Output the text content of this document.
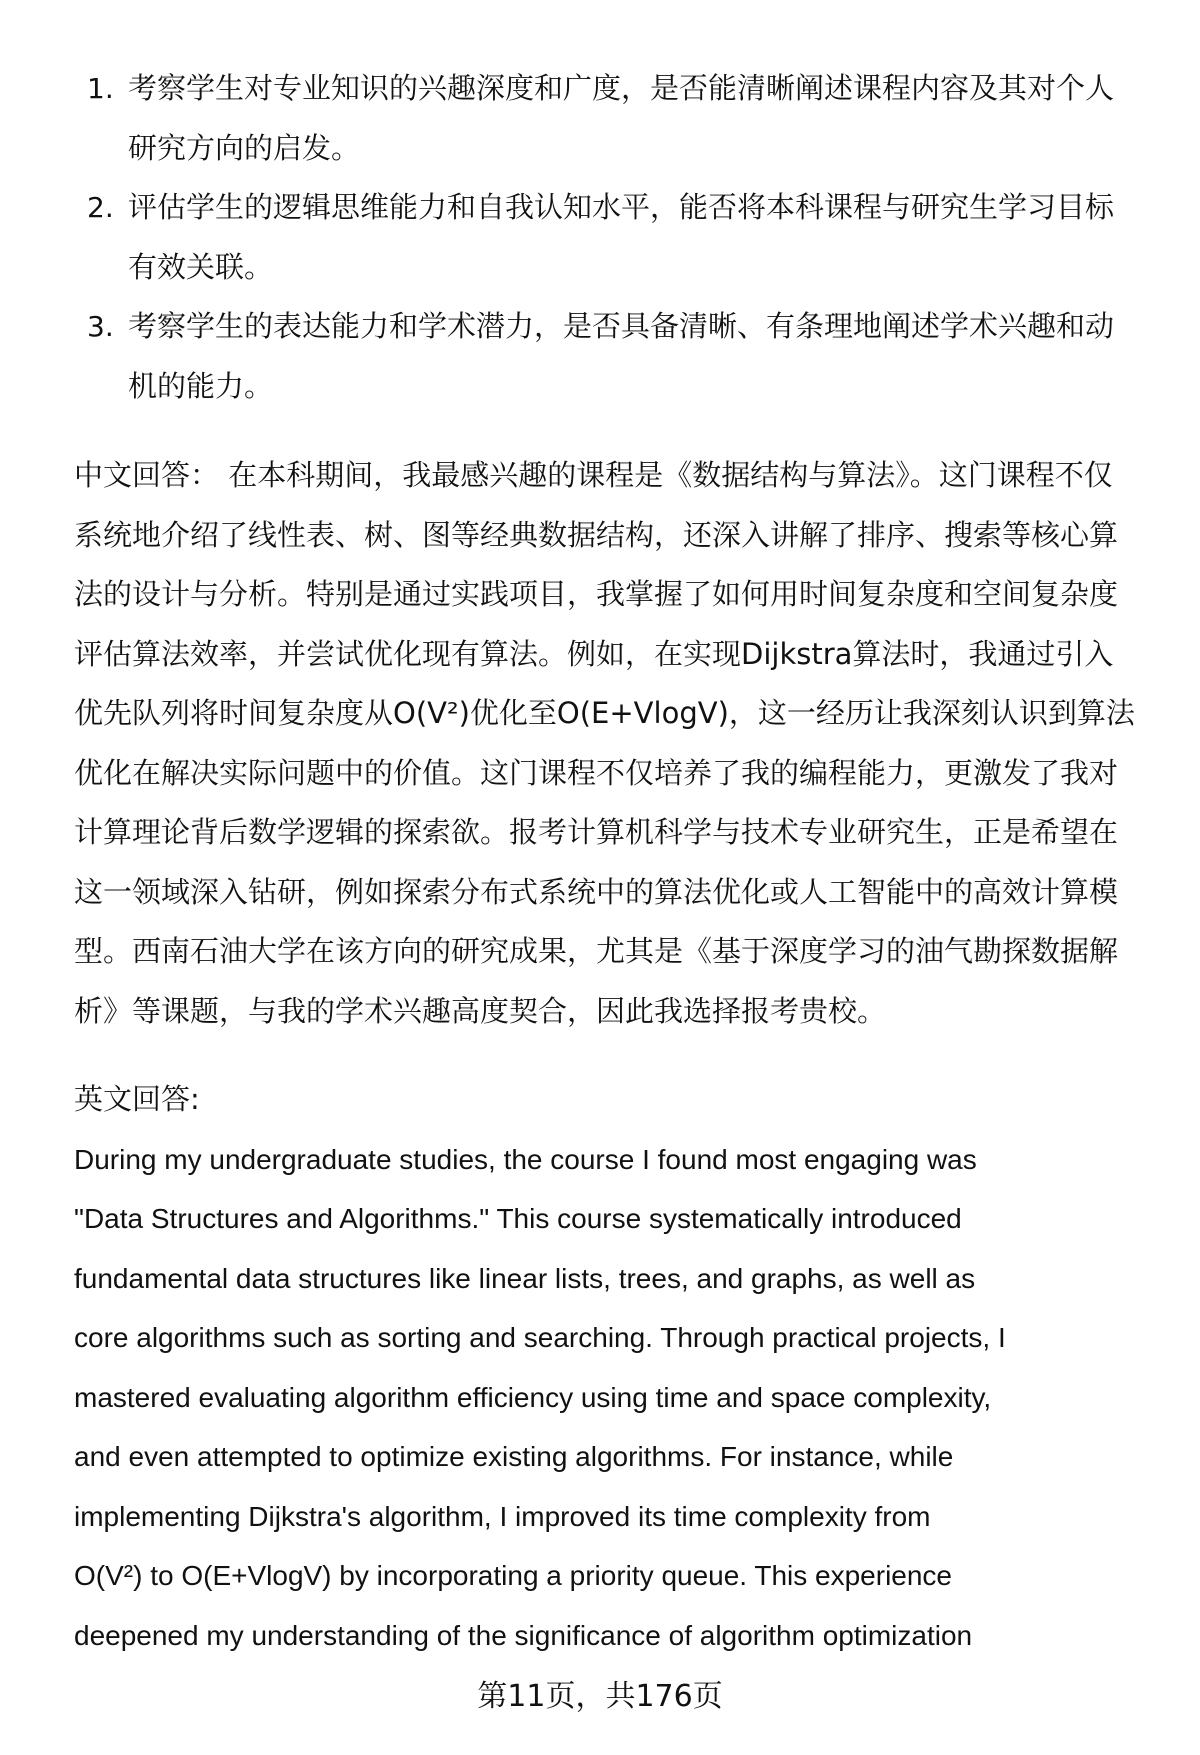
1. 考察学生对专业知识的兴趣深度和广度，是否能清晰阐述课程内容及其对个人
研究方向的启发。
2. 评估学生的逻辑思维能力和自我认知水平，能否将本科课程与研究生学习目标
有效关联。
3. 考察学生的表达能力和学术潜力，是否具备清晰、有条理地阐述学术兴趣和动
机的能力。
中文回答： 在本科期间，我最感兴趣的课程是《数据结构与算法》。这门课程不仅
系统地介绍了线性表、树、图等经典数据结构，还深入讲解了排序、搜索等核心算
法的设计与分析。特别是通过实践项目，我掌握了如何用时间复杂度和空间复杂度
评估算法效率，并尝试优化现有算法。例如，在实现Dijkstra算法时，我通过引入
优先队列将时间复杂度从O(V²)优化至O(E+VlogV)，这一经历让我深刻认识到算法
优化在解决实际问题中的价值。这门课程不仅培养了我的编程能力，更激发了我对
计算理论背后数学逻辑的探索欲。报考计算机科学与技术专业研究生，正是希望在
这一领域深入钻研，例如探索分布式系统中的算法优化或人工智能中的高效计算模
型。西南石油大学在该方向的研究成果，尤其是《基于深度学习的油气勘探数据解
析》等课题，与我的学术兴趣高度契合，因此我选择报考贵校。
英文回答:
During my undergraduate studies, the course I found most engaging was
"Data Structures and Algorithms." This course systematically introduced
fundamental data structures like linear lists, trees, and graphs, as well as
core algorithms such as sorting and searching. Through practical projects, I
mastered evaluating algorithm efficiency using time and space complexity,
and even attempted to optimize existing algorithms. For instance, while
implementing Dijkstra's algorithm, I improved its time complexity from
O(V²) to O(E+VlogV) by incorporating a priority queue. This experience
deepened my understanding of the significance of algorithm optimization
第11页，共176页
